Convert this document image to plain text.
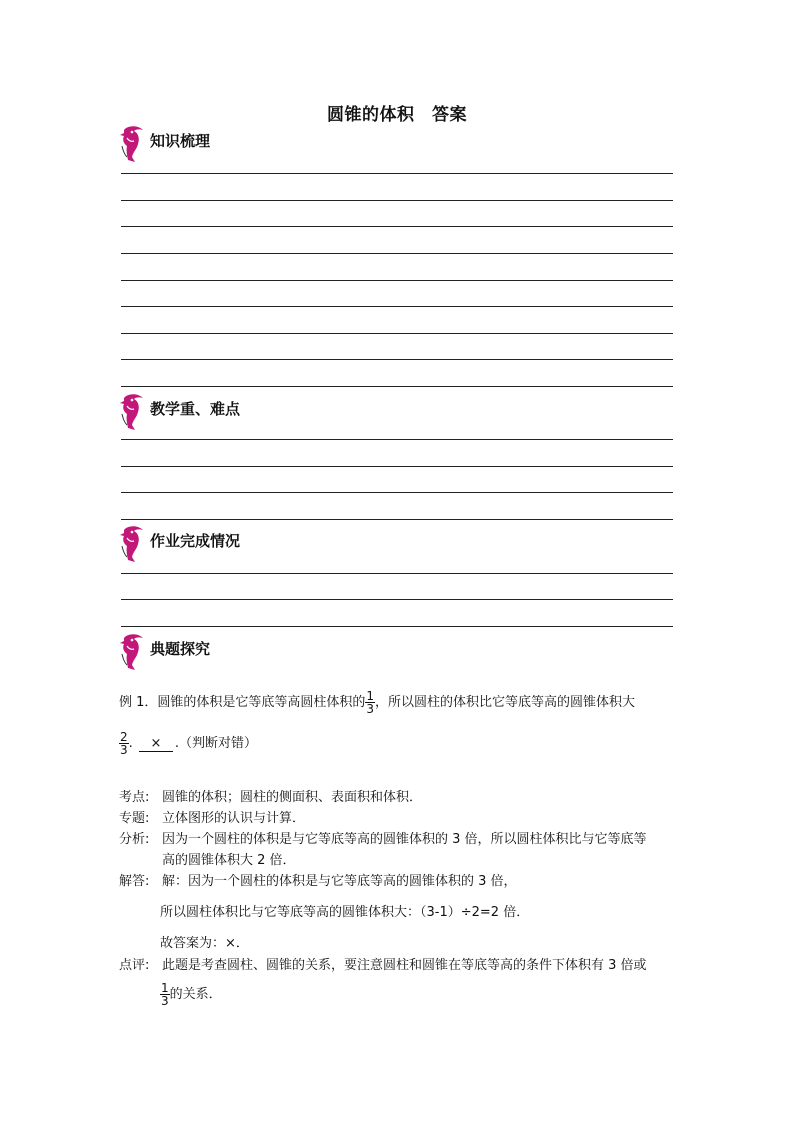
圆锥的体积　答案
知识梳理
教学重、难点
作业完成情况
典题探究
例 1．圆锥的体积是它等底等高圆柱体积的 $\frac{1}{3}$ ，所以圆柱的体积比它等底等高的圆锥体积大
$\frac{2}{3}$ . × .（判断对错）
考点: 圆锥的体积；圆柱的侧面积、表面积和体积．
专题: 立体图形的认识与计算．
分析: 因为一个圆柱的体积是与它等底等高的圆锥体积的 3 倍，所以圆柱体积比与它等底等
高的圆锥体积大 2 倍．
解答: 解：因为一个圆柱的体积是与它等底等高的圆锥体积的 3 倍，
所以圆柱体积比与它等底等高的圆锥体积大：（3-1）÷2=2 倍．
故答案为：×．
点评: 此题是考查圆柱、圆锥的关系，要注意圆柱和圆锥在等底等高的条件下体积有 3 倍或
$\frac{1}{3}$ 的关系．
